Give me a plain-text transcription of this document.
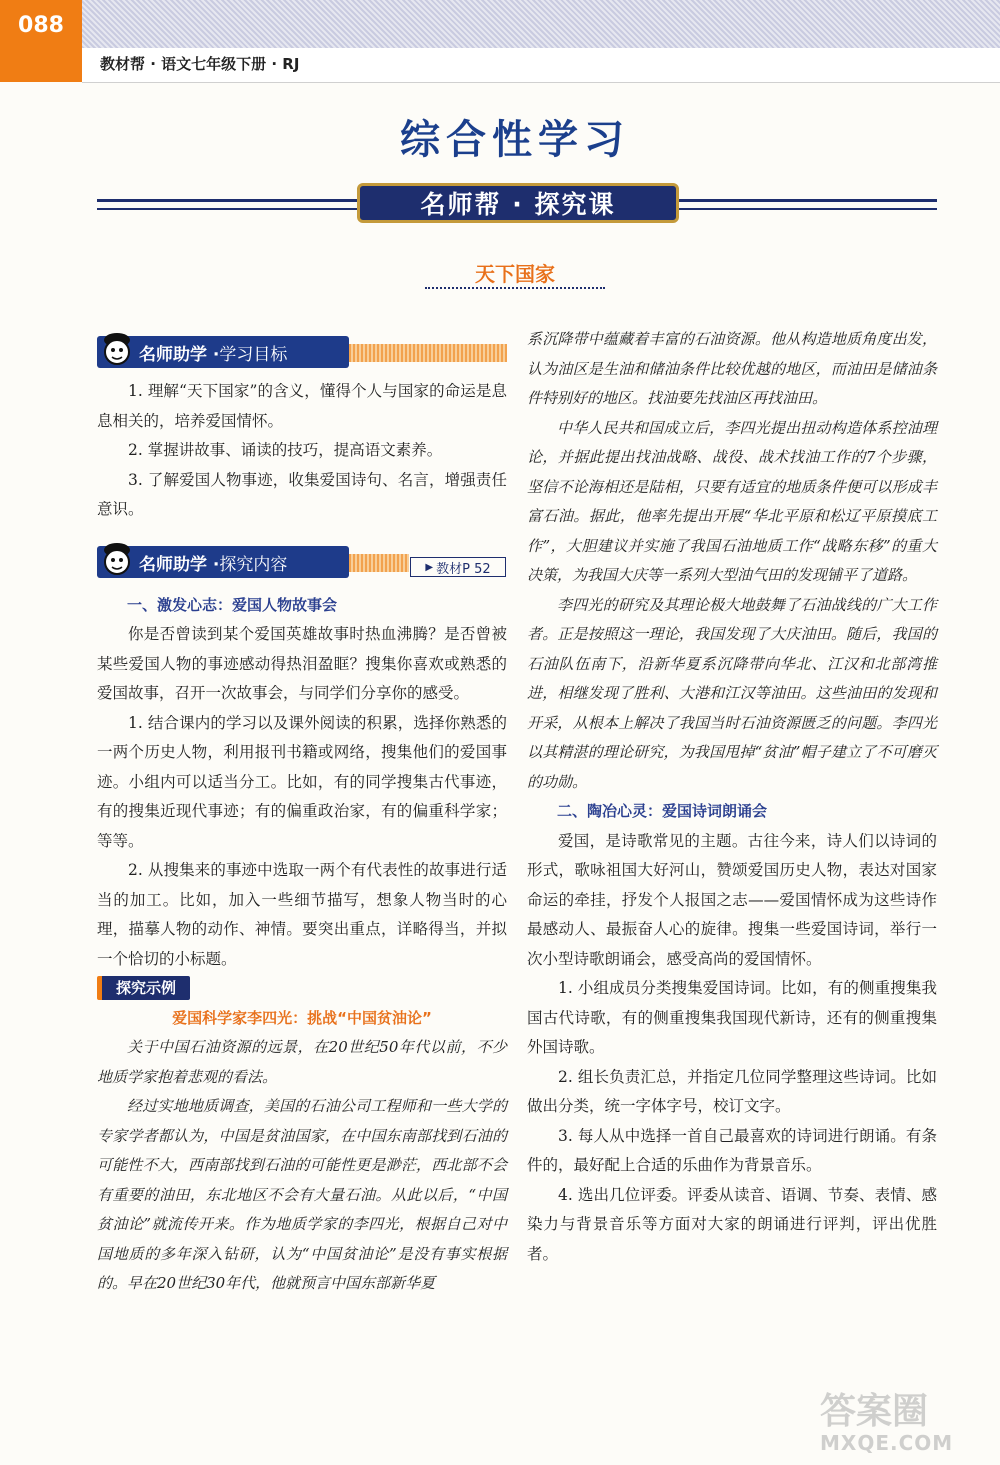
088
教材帮 · 语文七年级下册 · RJ
综合性学习
名师帮 · 探究课
天下国家
名师助学 · 学习目标
名师助学 · 探究内容	▶ 教材P 52

1. 理解“天下国家”的含义，懂得个人与国家的命运是息息相关的，培养爱国情怀。

2. 掌握讲故事、诵读的技巧，提高语文素养。

3. 了解爱国人物事迹，收集爱国诗句、名言，增强责任意识。

一、激发心志：爱国人物故事会

你是否曾读到某个爱国英雄故事时热血沸腾？是否曾被某些爱国人物的事迹感动得热泪盈眶？搜集你喜欢或熟悉的爱国故事，召开一次故事会，与同学们分享你的感受。

1. 结合课内的学习以及课外阅读的积累，选择你熟悉的一两个历史人物，利用报刊书籍或网络，搜集他们的爱国事迹。小组内可以适当分工。比如，有的同学搜集古代事迹，有的搜集近现代事迹；有的偏重政治家，有的偏重科学家；等等。

2. 从搜集来的事迹中选取一两个有代表性的故事进行适当的加工。比如，加入一些细节描写，想象人物当时的心理，描摹人物的动作、神情。要突出重点，详略得当，并拟一个恰切的小标题。

探究示例

爱国科学家李四光：挑战“中国贫油论”

关于中国石油资源的远景，在20世纪50年代以前，不少地质学家抱着悲观的看法。

经过实地地质调查，美国的石油公司工程师和一些大学的专家学者都认为，中国是贫油国家，在中国东南部找到石油的可能性不大，西南部找到石油的可能性更是渺茫，西北部不会有重要的油田，东北地区不会有大量石油。从此以后，“中国贫油论”就流传开来。作为地质学家的李四光，根据自己对中国地质的多年深入钻研，认为“中国贫油论”是没有事实根据的。早在20世纪30年代，他就预言中国东部新华夏

系沉降带中蕴藏着丰富的石油资源。他从构造地质角度出发，认为油区是生油和储油条件比较优越的地区，而油田是储油条件特别好的地区。找油要先找油区再找油田。

中华人民共和国成立后，李四光提出扭动构造体系控油理论，并据此提出找油战略、战役、战术找油工作的7个步骤，坚信不论海相还是陆相，只要有适宜的地质条件便可以形成丰富石油。据此，他率先提出开展“华北平原和松辽平原摸底工作”，大胆建议并实施了我国石油地质工作“战略东移”的重大决策，为我国大庆等一系列大型油气田的发现铺平了道路。

李四光的研究及其理论极大地鼓舞了石油战线的广大工作者。正是按照这一理论，我国发现了大庆油田。随后，我国的石油队伍南下，沿新华夏系沉降带向华北、江汉和北部湾推进，相继发现了胜利、大港和江汉等油田。这些油田的发现和开采，从根本上解决了我国当时石油资源匮乏的问题。李四光以其精湛的理论研究，为我国甩掉“贫油”帽子建立了不可磨灭的功勋。

二、陶冶心灵：爱国诗词朗诵会

爱国，是诗歌常见的主题。古往今来，诗人们以诗词的形式，歌咏祖国大好河山，赞颂爱国历史人物，表达对国家命运的牵挂，抒发个人报国之志——爱国情怀成为这些诗作最感动人、最振奋人心的旋律。搜集一些爱国诗词，举行一次小型诗歌朗诵会，感受高尚的爱国情怀。

1. 小组成员分类搜集爱国诗词。比如，有的侧重搜集我国古代诗歌，有的侧重搜集我国现代新诗，还有的侧重搜集外国诗歌。

2. 组长负责汇总，并指定几位同学整理这些诗词。比如做出分类，统一字体字号，校订文字。

3. 每人从中选择一首自己最喜欢的诗词进行朗诵。有条件的，最好配上合适的乐曲作为背景音乐。

4. 选出几位评委。评委从读音、语调、节奏、表情、感染力与背景音乐等方面对大家的朗诵进行评判，评出优胜者。

答案圈
MXQE.COM
